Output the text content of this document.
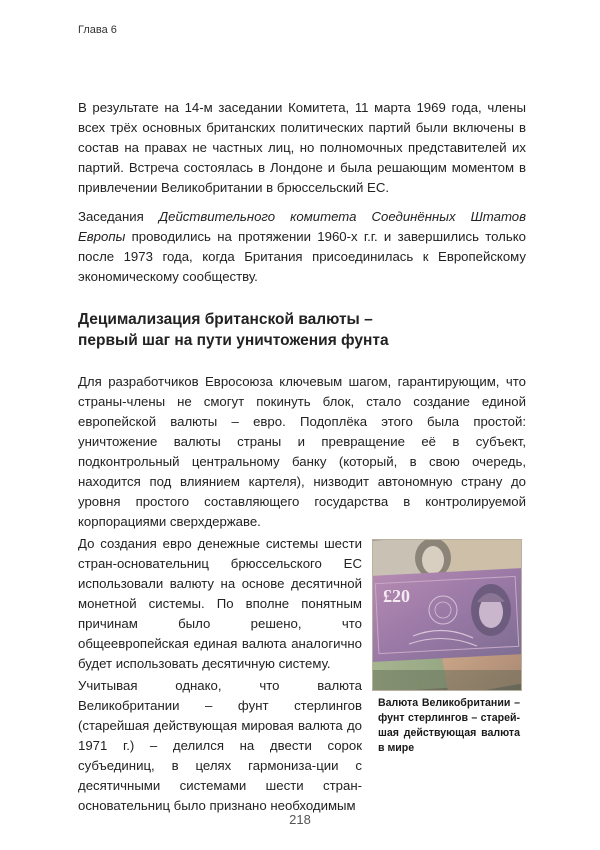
Глава 6

В результате на 14-м заседании Комитета, 11 марта 1969 года, члены всех трёх основных британских политических партий были включены в состав на правах не частных лиц, но полномочных представителей их партий. Встреча состоялась в Лондоне и была решающим моментом в привлечении Великобритании в брюссельский ЕС.

Заседания Действительного комитета Соединённых Штатов Европы проводились на протяжении 1960-х г.г. и завершились только после 1973 года, когда Британия присоединилась к Европейскому экономическому сообществу.

Децимализация британской валюты –
первый шаг на пути уничтожения фунта

Для разработчиков Евросоюза ключевым шагом, гарантирующим, что страны-члены не смогут покинуть блок, стало создание единой европейской валюты – евро. Подоплёка этого была простой: уничтожение валюты страны и превращение её в субъект, подконтрольный центральному банку (который, в свою очередь, находится под влиянием картеля), низводит автономную страну до уровня простого составляющего государства в контролируемой корпорациями сверхдержаве.

До создания евро денежные системы шести стран-основательниц брюссельского ЕС использовали валюту на основе десятичной монетной системы. По вполне понятным причинам было решено, что общеевропейская единая валюта аналогично будет использовать десятичную систему.

Учитывая однако, что валюта Великобритании – фунт стерлингов (старейшая действующая мировая валюта до 1971 г.) – делился на двести сорок субъединиц, в целях гармониза-ции с десятичными системами шести стран-основательниц было признано необходимым

£20

Валюта Великобритании – фунт стерлингов – старей-шая действующая валюта в мире

218
